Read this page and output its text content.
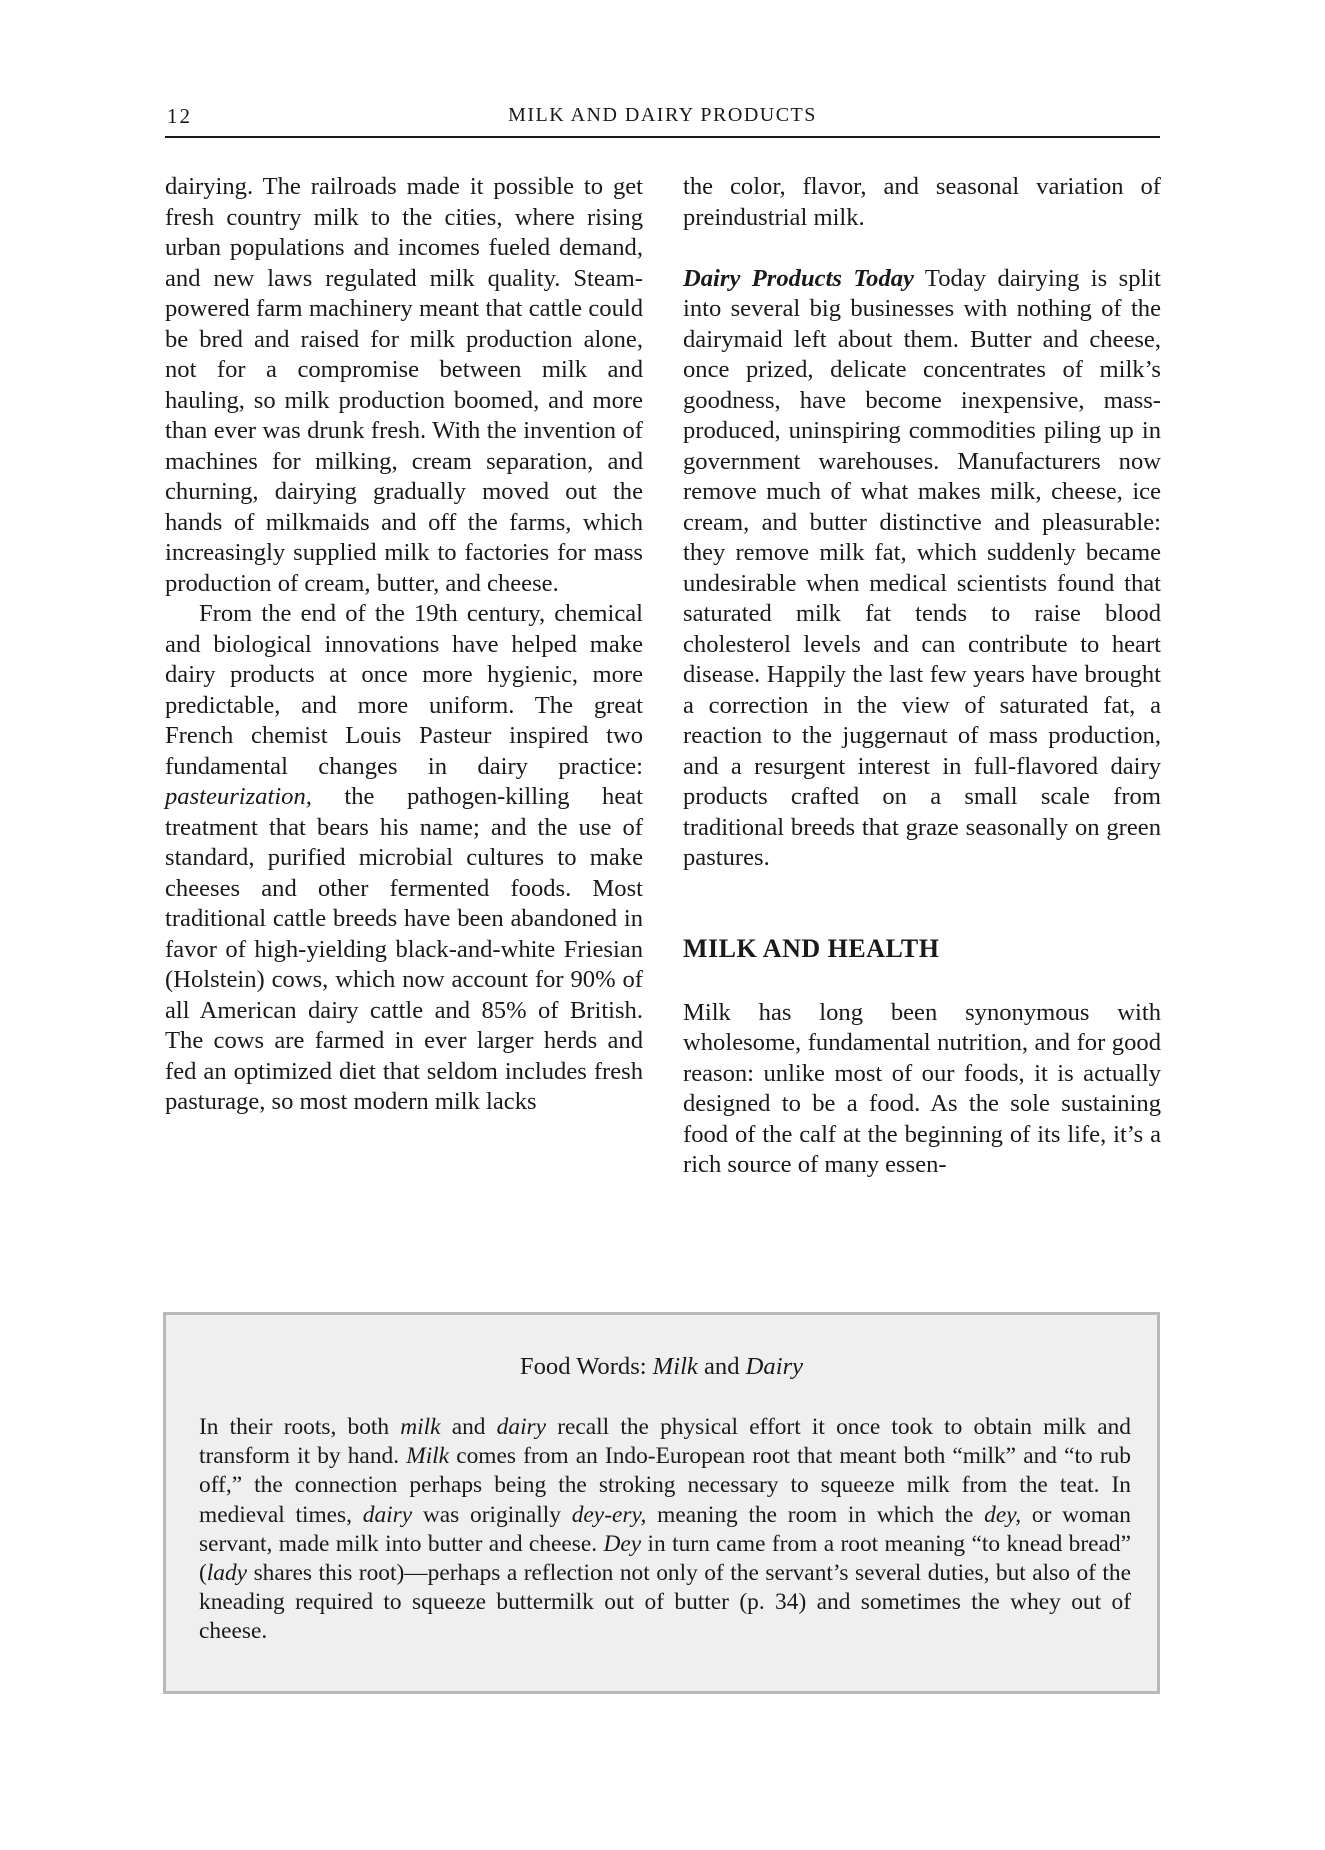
12	MILK AND DAIRY PRODUCTS

dairying. The railroads made it possible to get fresh country milk to the cities, where rising urban populations and incomes fueled demand, and new laws regulated milk quality. Steam-powered farm machinery meant that cattle could be bred and raised for milk production alone, not for a compromise between milk and hauling, so milk production boomed, and more than ever was drunk fresh. With the invention of machines for milking, cream separation, and churning, dairying gradually moved out the hands of milkmaids and off the farms, which increasingly supplied milk to factories for mass production of cream, butter, and cheese.

From the end of the 19th century, chemical and biological innovations have helped make dairy products at once more hygienic, more predictable, and more uniform. The great French chemist Louis Pasteur inspired two fundamental changes in dairy practice: pasteurization, the pathogen-killing heat treatment that bears his name; and the use of standard, purified microbial cultures to make cheeses and other fermented foods. Most traditional cattle breeds have been abandoned in favor of high-yielding black-and-white Friesian (Holstein) cows, which now account for 90% of all American dairy cattle and 85% of British. The cows are farmed in ever larger herds and fed an optimized diet that seldom includes fresh pasturage, so most modern milk lacks

the color, flavor, and seasonal variation of preindustrial milk.

Dairy Products Today Today dairying is split into several big businesses with nothing of the dairymaid left about them. Butter and cheese, once prized, delicate concentrates of milk’s goodness, have become inexpensive, mass-produced, uninspiring commodities piling up in government warehouses. Manufacturers now remove much of what makes milk, cheese, ice cream, and butter distinctive and pleasurable: they remove milk fat, which suddenly became undesirable when medical scientists found that saturated milk fat tends to raise blood cholesterol levels and can contribute to heart disease. Happily the last few years have brought a correction in the view of saturated fat, a reaction to the juggernaut of mass production, and a resurgent interest in full-flavored dairy products crafted on a small scale from traditional breeds that graze seasonally on green pastures.

MILK AND HEALTH

Milk has long been synonymous with wholesome, fundamental nutrition, and for good reason: unlike most of our foods, it is actually designed to be a food. As the sole sustaining food of the calf at the beginning of its life, it’s a rich source of many essen-

Food Words: Milk and Dairy

In their roots, both milk and dairy recall the physical effort it once took to obtain milk and transform it by hand. Milk comes from an Indo-European root that meant both “milk” and “to rub off,” the connection perhaps being the stroking necessary to squeeze milk from the teat. In medieval times, dairy was originally dey-ery, meaning the room in which the dey, or woman servant, made milk into butter and cheese. Dey in turn came from a root meaning “to knead bread” (lady shares this root)—perhaps a reflection not only of the servant’s several duties, but also of the kneading required to squeeze buttermilk out of butter (p. 34) and sometimes the whey out of cheese.
